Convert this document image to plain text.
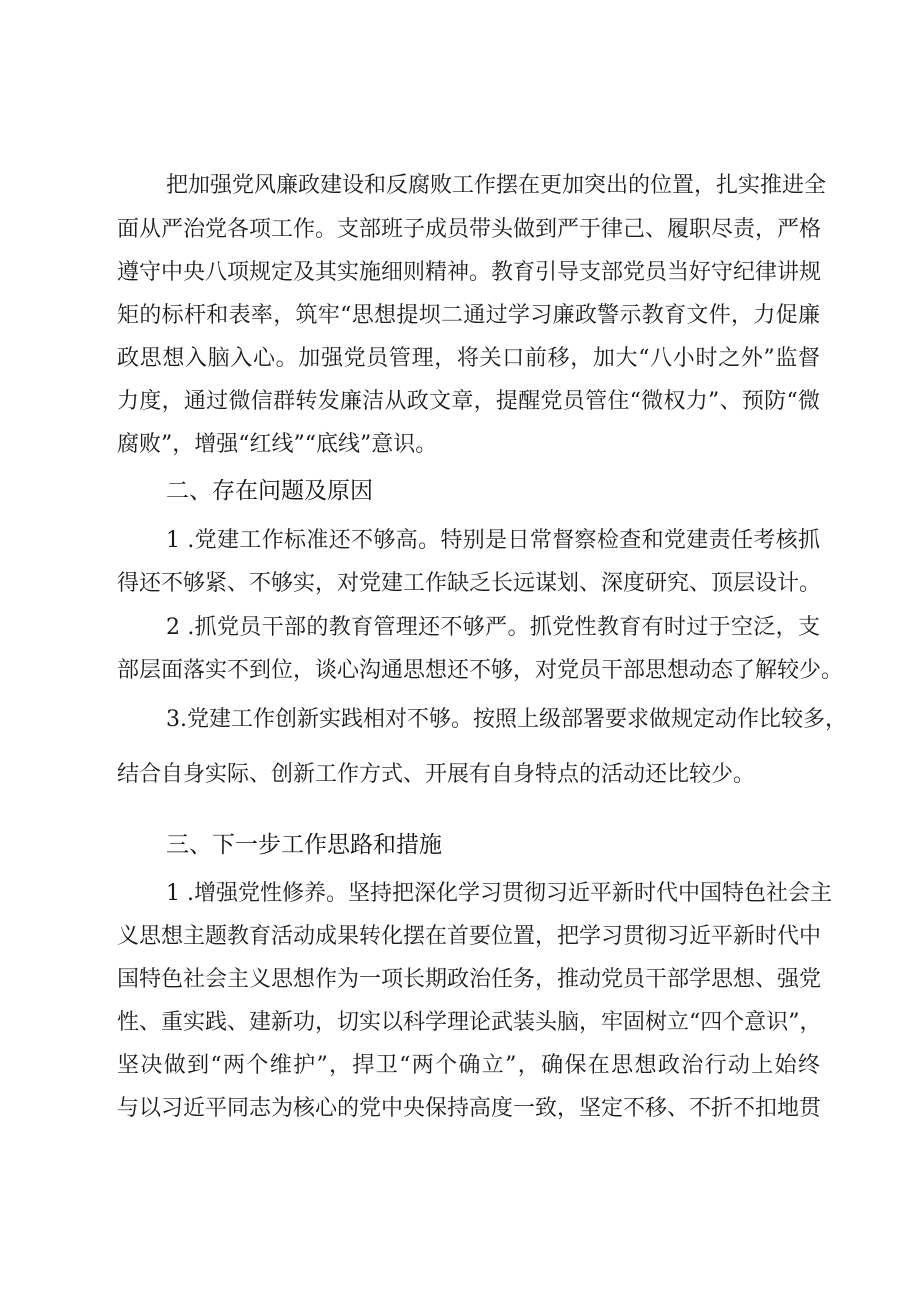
把加强党风廉政建设和反腐败工作摆在更加突出的位置，扎实推进全
面从严治党各项工作。支部班子成员带头做到严于律己、履职尽责，严格
遵守中央八项规定及其实施细则精神。教育引导支部党员当好守纪律讲规
矩的标杆和表率，筑牢“思想提坝二通过学习廉政警示教育文件，力促廉
政思想入脑入心。加强党员管理，将关口前移，加大“八小时之外”监督
力度，通过微信群转发廉洁从政文章，提醒党员管住“微权力”、预防“微
腐败”，增强“红线”“底线”意识。
二、存在问题及原因
1 .党建工作标准还不够高。特别是日常督察检查和党建责任考核抓
得还不够紧、不够实，对党建工作缺乏长远谋划、深度研究、顶层设计。
2 .抓党员干部的教育管理还不够严。抓党性教育有时过于空泛，支
部层面落实不到位，谈心沟通思想还不够，对党员干部思想动态了解较少。
3.党建工作创新实践相对不够。按照上级部署要求做规定动作比较多，
结合自身实际、创新工作方式、开展有自身特点的活动还比较少。
三、下一步工作思路和措施
1 .增强党性修养。坚持把深化学习贯彻习近平新时代中国特色社会主
义思想主题教育活动成果转化摆在首要位置，把学习贯彻习近平新时代中
国特色社会主义思想作为一项长期政治任务，推动党员干部学思想、强党
性、重实践、建新功，切实以科学理论武装头脑，牢固树立“四个意识”，
坚决做到“两个维护”，捍卫“两个确立”，确保在思想政治行动上始终
与以习近平同志为核心的党中央保持高度一致，坚定不移、不折不扣地贯
